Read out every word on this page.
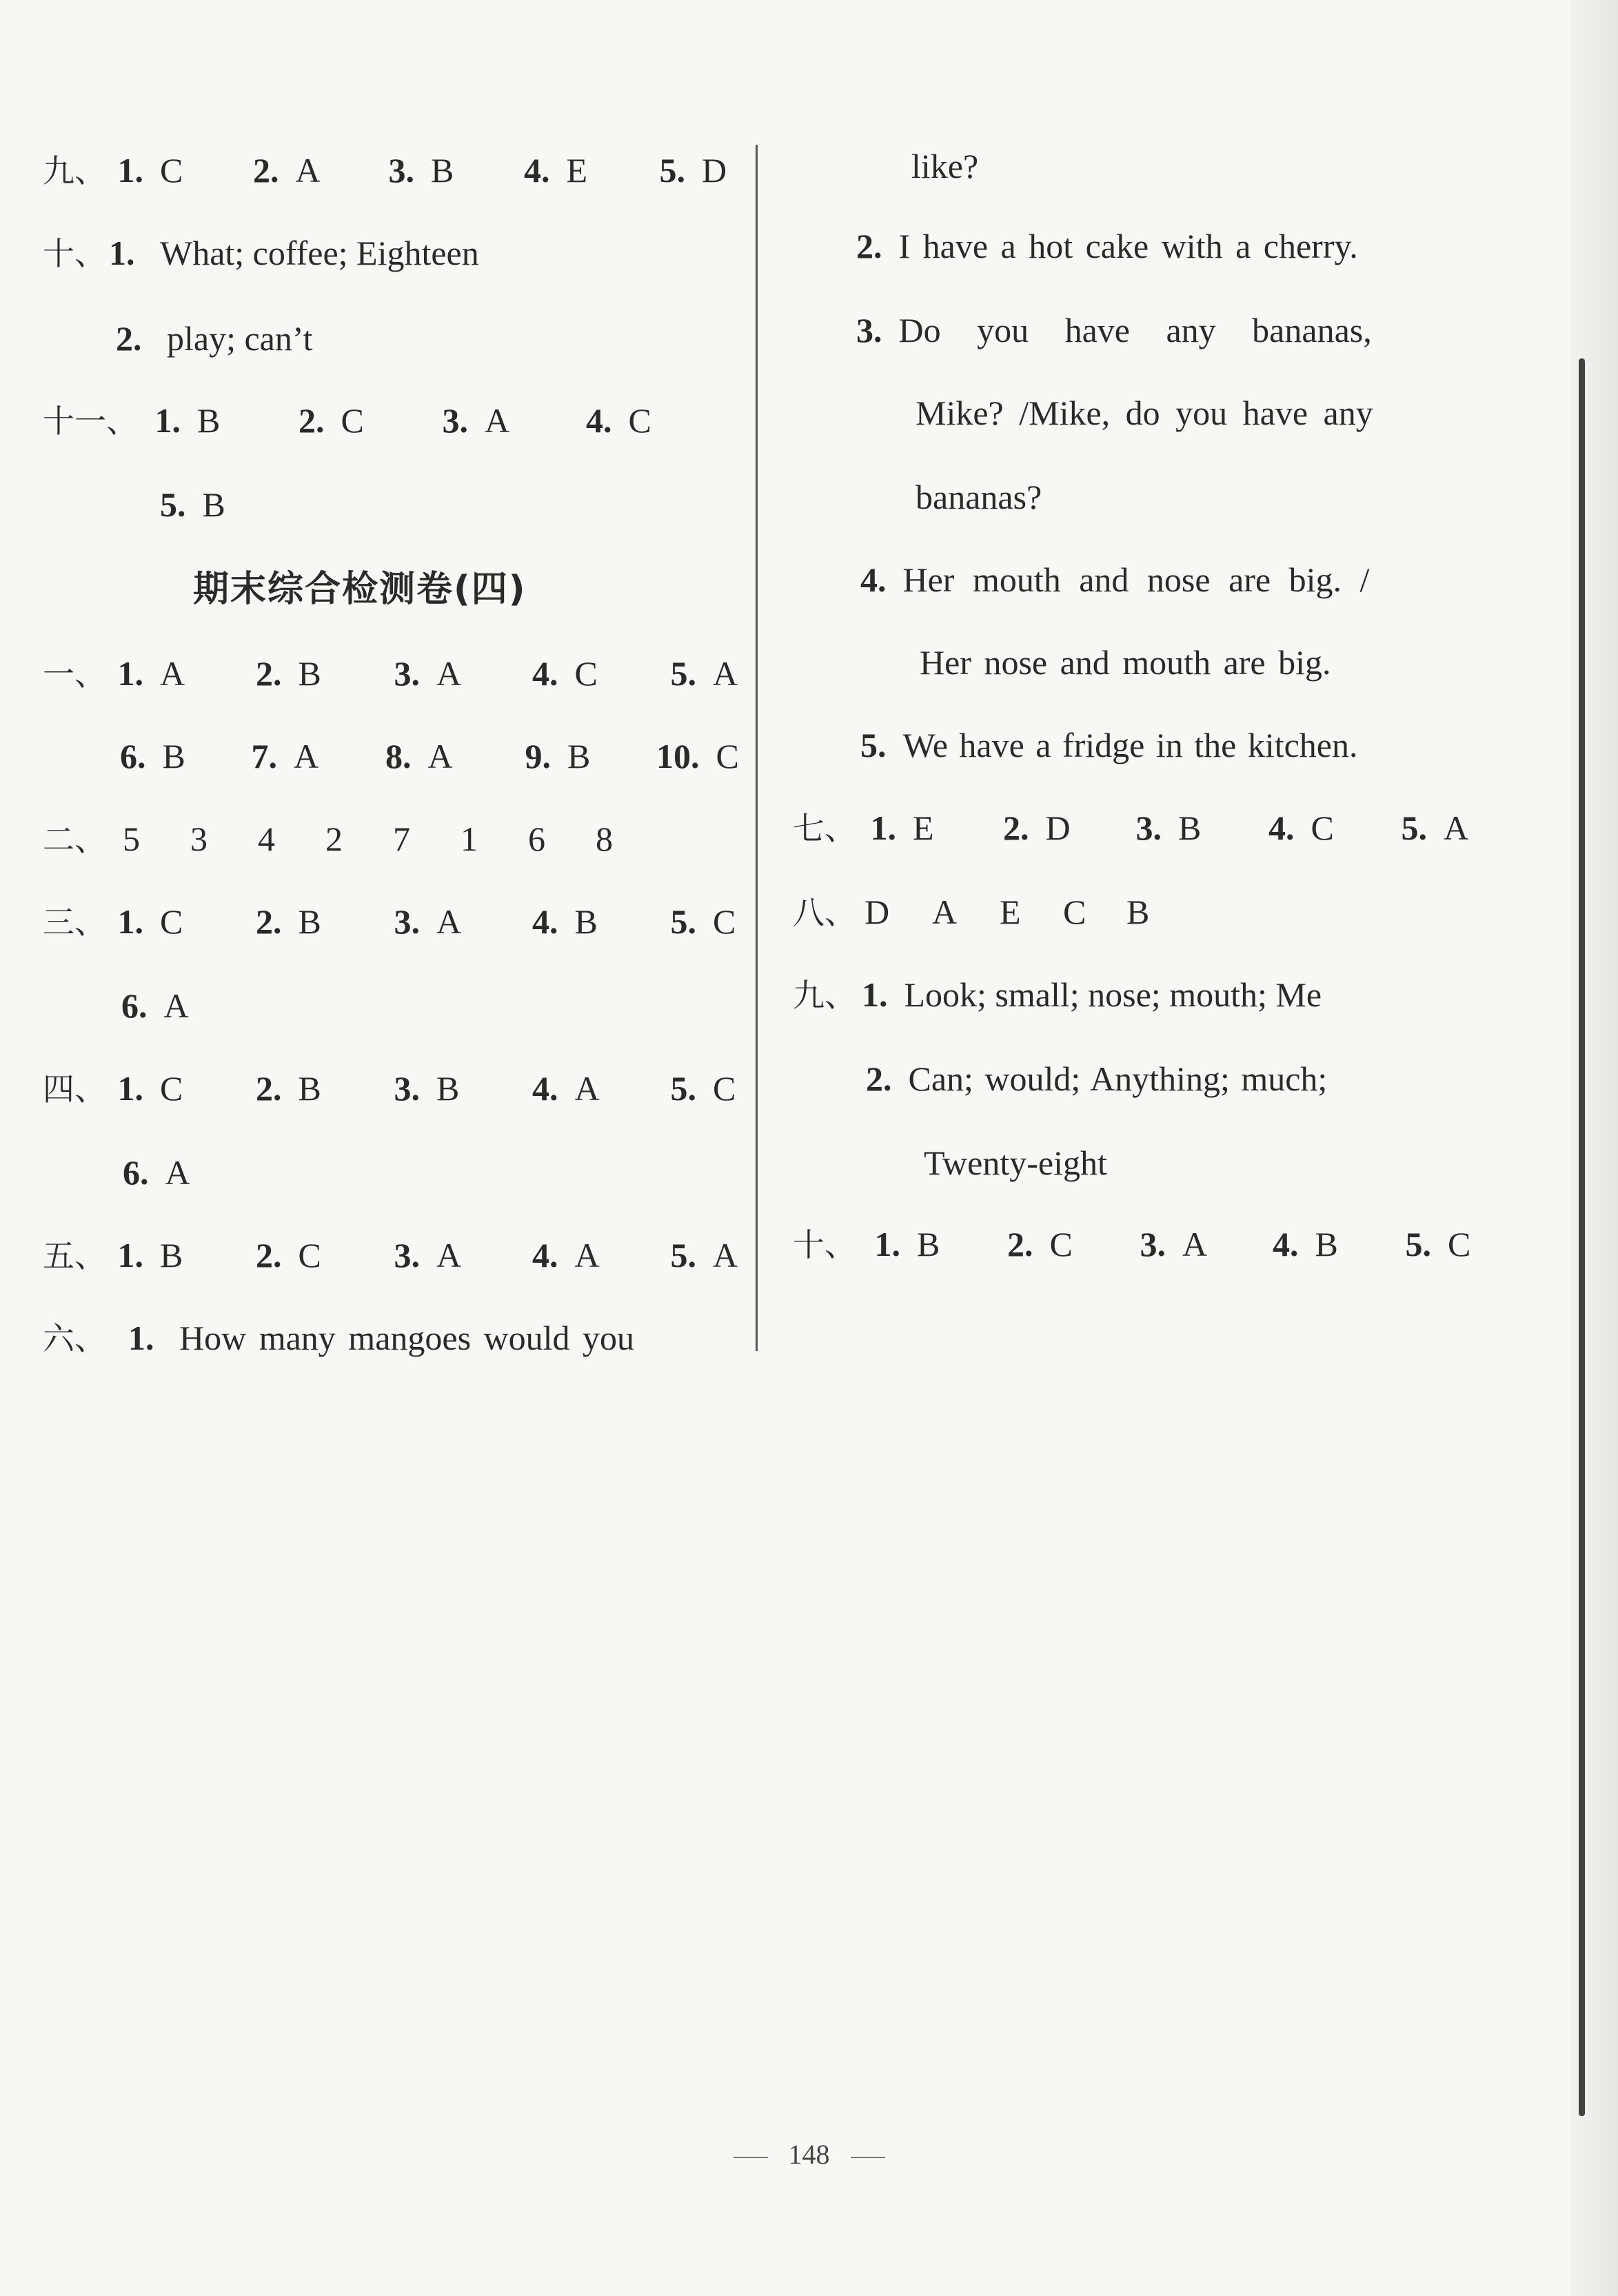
九、 1. C 2. A 3. B 4. E 5. D
十、1. What; coffee; Eighteen
2. play; can’t
十一、 1. B 2. C 3. A 4. C
5. B
期末综合检测卷(四)
一、 1. A 2. B 3. A 4. C 5. A
6. B 7. A 8. A 9. B 10. C
二、 5 3 4 2 7 1 6 8
三、 1. C 2. B 3. A 4. B 5. C
6. A
四、 1. C 2. B 3. B 4. A 5. C
6. A
五、 1. B 2. C 3. A 4. A 5. A
六、 1. How many mangoes would you
like?
2. I have a hot cake with a cherry.
3. Do you have any bananas,
Mike? /Mike, do you have any
bananas?
4. Her mouth and nose are big. /
Her nose and mouth are big.
5. We have a fridge in the kitchen.
七、 1. E 2. D 3. B 4. C 5. A
八、 D A E C B
九、 1. Look; small; nose; mouth; Me
2. Can; would; Anything; much;
Twenty-eight
十、 1. B 2. C 3. A 4. B 5. C
148
